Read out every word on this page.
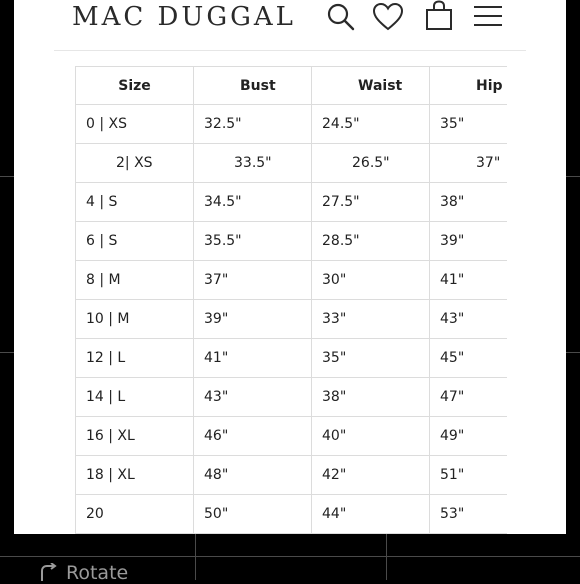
MAC DUGGAL
Size	Bust	Waist	Hip
0 | XS	32.5"	24.5"	35"
2| XS	33.5"	26.5"	37"
4 | S	34.5"	27.5"	38"
6 | S	35.5"	28.5"	39"
8 | M	37"	30"	41"
10 | M	39"	33"	43"
12 | L	41"	35"	45"
14 | L	43"	38"	47"
16 | XL	46"	40"	49"
18 | XL	48"	42"	51"
20	50"	44"	53"
Rotate
